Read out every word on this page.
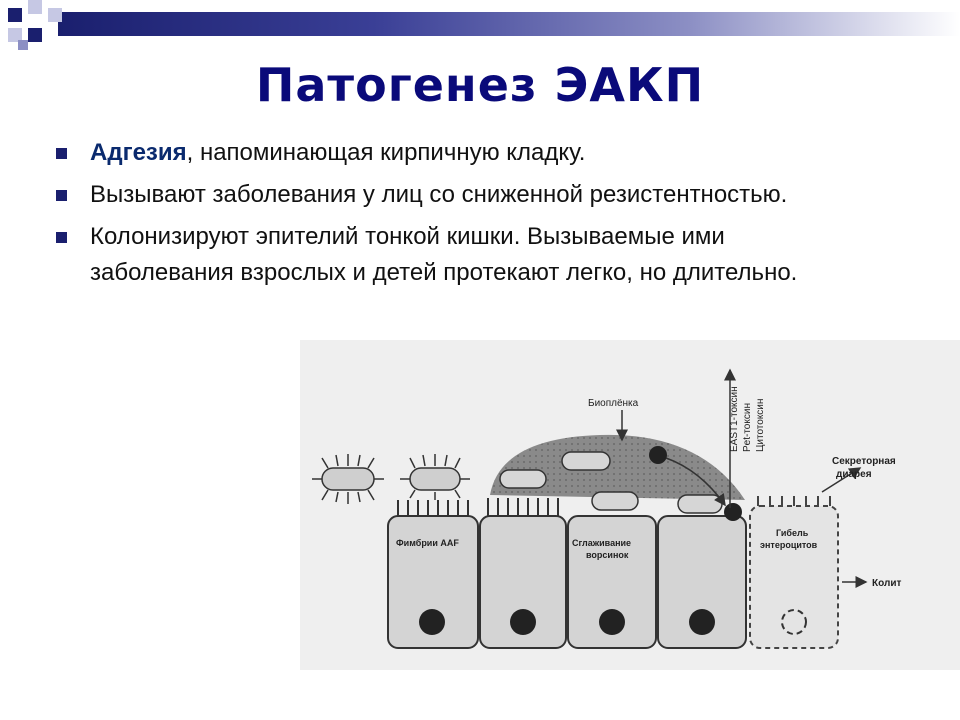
Патогенез ЭАКП
Адгезия, напоминающая кирпичную кладку.
Вызывают заболевания у лиц со сниженной резистентностью.
Колонизируют эпителий тонкой кишки. Вызываемые ими заболевания взрослых и детей протекают легко, но длительно.
Биоплёнка	EAST1-токсин Pet-токсин Цитотоксин
Секреторная
диарея
Фимбрии AAF	Сглаживание
ворсинок
Гибель
энтероцитов
Колит
